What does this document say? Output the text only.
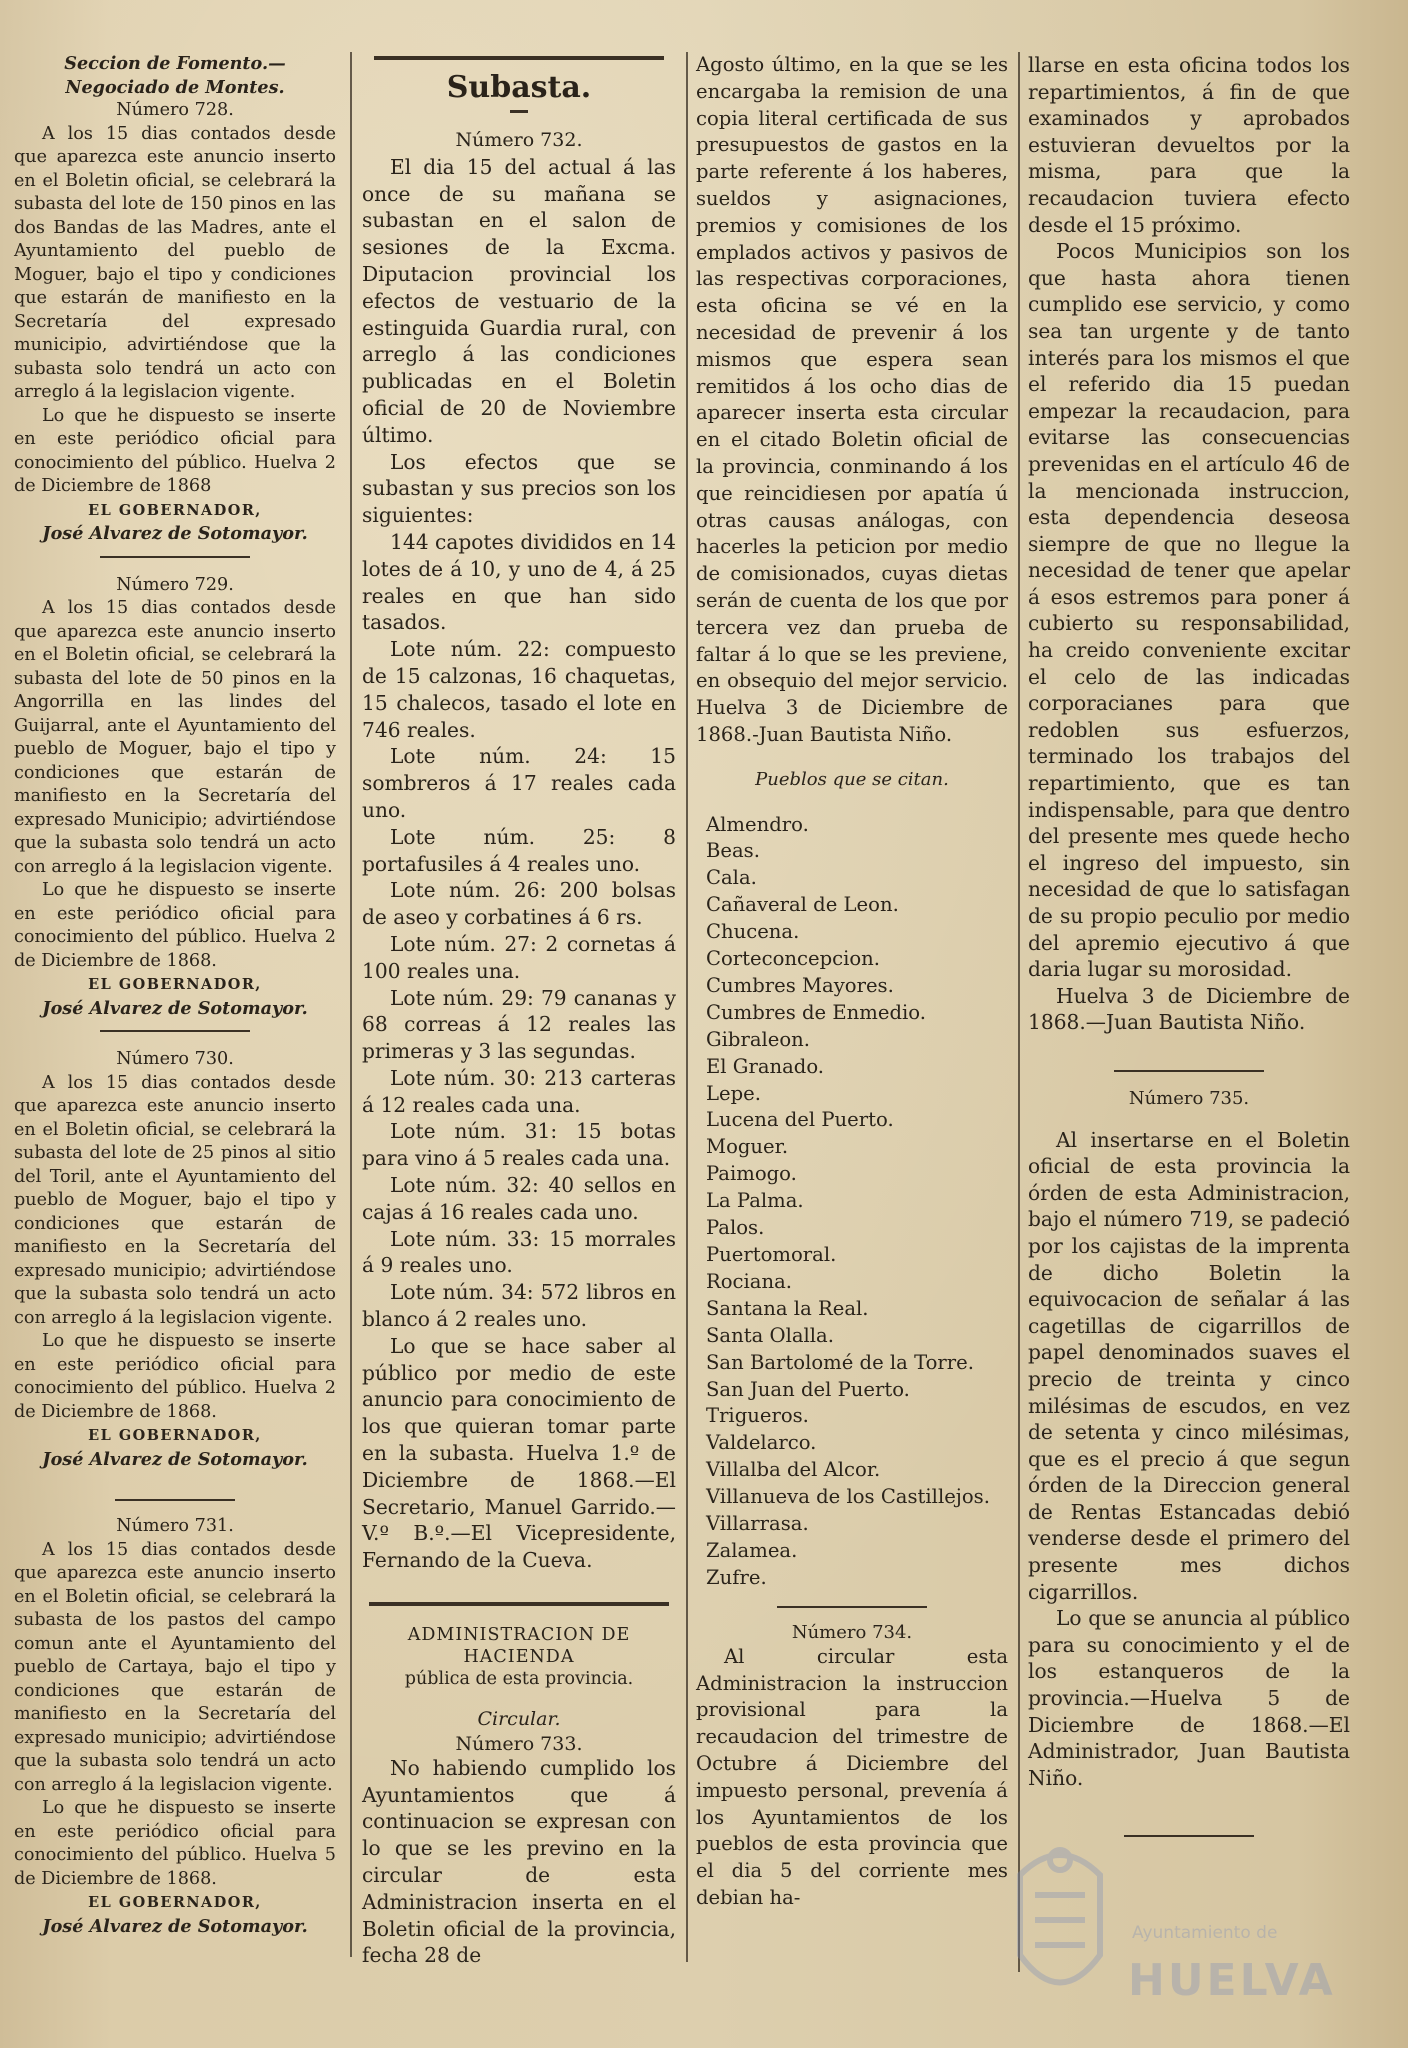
Seccion de Fomento.—Negociado de Montes.

Número 728.

A los 15 dias contados desde que aparezca este anuncio inserto en el Boletin oficial, se celebrará la subasta del lote de 150 pinos en las dos Bandas de las Madres, ante el Ayuntamiento del pueblo de Moguer, bajo el tipo y condiciones que estarán de manifiesto en la Secretaría del expresado municipio, advirtiéndose que la subasta solo tendrá un acto con arreglo á la legislacion vigente.

Lo que he dispuesto se inserte en este periódico oficial para conocimiento del público. Huelva 2 de Diciembre de 1868

EL GOBERNADOR,

José Alvarez de Sotomayor.

Número 729.

A los 15 dias contados desde que aparezca este anuncio inserto en el Boletin oficial, se celebrará la subasta del lote de 50 pinos en la Angorrilla en las lindes del Guijarral, ante el Ayuntamiento del pueblo de Moguer, bajo el tipo y condiciones que estarán de manifiesto en la Secretaría del expresado Municipio; advirtiéndose que la subasta solo tendrá un acto con arreglo á la legislacion vigente.

Lo que he dispuesto se inserte en este periódico oficial para conocimiento del público. Huelva 2 de Diciembre de 1868.

EL GOBERNADOR,

José Alvarez de Sotomayor.

Número 730.

A los 15 dias contados desde que aparezca este anuncio inserto en el Boletin oficial, se celebrará la subasta del lote de 25 pinos al sitio del Toril, ante el Ayuntamiento del pueblo de Moguer, bajo el tipo y condiciones que estarán de manifiesto en la Secretaría del expresado municipio; advirtiéndose que la subasta solo tendrá un acto con arreglo á la legislacion vigente.

Lo que he dispuesto se inserte en este periódico oficial para conocimiento del público. Huelva 2 de Diciembre de 1868.

EL GOBERNADOR,

José Alvarez de Sotomayor.

Número 731.

A los 15 dias contados desde que aparezca este anuncio inserto en el Boletin oficial, se celebrará la subasta de los pastos del campo comun ante el Ayuntamiento del pueblo de Cartaya, bajo el tipo y condiciones que estarán de manifiesto en la Secretaría del expresado municipio; advirtiéndose que la subasta solo tendrá un acto con arreglo á la legislacion vigente.

Lo que he dispuesto se inserte en este periódico oficial para conocimiento del público. Huelva 5 de Diciembre de 1868.

EL GOBERNADOR,

José Alvarez de Sotomayor.

Subasta.

Número 732.

El dia 15 del actual á las once de su mañana se subastan en el salon de sesiones de la Excma. Diputacion provincial los efectos de vestuario de la estinguida Guardia rural, con arreglo á las condiciones publicadas en el Boletin oficial de 20 de Noviembre último.

Los efectos que se subastan y sus precios son los siguientes:

144 capotes divididos en 14 lotes de á 10, y uno de 4, á 25 reales en que han sido tasados.

Lote núm. 22: compuesto de 15 calzonas, 16 chaquetas, 15 chalecos, tasado el lote en 746 reales.

Lote núm. 24: 15 sombreros á 17 reales cada uno.

Lote núm. 25: 8 portafusiles á 4 reales uno.

Lote núm. 26: 200 bolsas de aseo y corbatines á 6 rs.

Lote núm. 27: 2 cornetas á 100 reales una.

Lote núm. 29: 79 cananas y 68 correas á 12 reales las primeras y 3 las segundas.

Lote núm. 30: 213 carteras á 12 reales cada una.

Lote núm. 31: 15 botas para vino á 5 reales cada una.

Lote núm. 32: 40 sellos en cajas á 16 reales cada uno.

Lote núm. 33: 15 morrales á 9 reales uno.

Lote núm. 34: 572 libros en blanco á 2 reales uno.

Lo que se hace saber al público por medio de este anuncio para conocimiento de los que quieran tomar parte en la subasta. Huelva 1.º de Diciembre de 1868.—El Secretario, Manuel Garrido.—V.º B.º.—El Vicepresidente, Fernando de la Cueva.

ADMINISTRACION DE HACIENDA

pública de esta provincia.

Circular.

Número 733.

No habiendo cumplido los Ayuntamientos que á continuacion se expresan con lo que se les previno en la circular de esta Administracion inserta en el Boletin oficial de la provincia, fecha 28 de

Agosto último, en la que se les encargaba la remision de una copia literal certificada de sus presupuestos de gastos en la parte referente á los haberes, sueldos y asignaciones, premios y comisiones de los emplados activos y pasivos de las respectivas corporaciones, esta oficina se vé en la necesidad de prevenir á los mismos que espera sean remitidos á los ocho dias de aparecer inserta esta circular en el citado Boletin oficial de la provincia, conminando á los que reincidiesen por apatía ú otras causas análogas, con hacerles la peticion por medio de comisionados, cuyas dietas serán de cuenta de los que por tercera vez dan prueba de faltar á lo que se les previene, en obsequio del mejor servicio. Huelva 3 de Diciembre de 1868.-Juan Bautista Niño.

Pueblos que se citan.

Almendro.

Beas.

Cala.

Cañaveral de Leon.

Chucena.

Corteconcepcion.

Cumbres Mayores.

Cumbres de Enmedio.

Gibraleon.

El Granado.

Lepe.

Lucena del Puerto.

Moguer.

Paimogo.

La Palma.

Palos.

Puertomoral.

Rociana.

Santana la Real.

Santa Olalla.

San Bartolomé de la Torre.

San Juan del Puerto.

Trigueros.

Valdelarco.

Villalba del Alcor.

Villanueva de los Castillejos.

Villarrasa.

Zalamea.

Zufre.

Número 734.

Al circular esta Administracion la instruccion provisional para la recaudacion del trimestre de Octubre á Diciembre del impuesto personal, prevenía á los Ayuntamientos de los pueblos de esta provincia que el dia 5 del corriente mes debian ha-

llarse en esta oficina todos los repartimientos, á fin de que examinados y aprobados estuvieran devueltos por la misma, para que la recaudacion tuviera efecto desde el 15 próximo.

Pocos Municipios son los que hasta ahora tienen cumplido ese servicio, y como sea tan urgente y de tanto interés para los mismos el que el referido dia 15 puedan empezar la recaudacion, para evitarse las consecuencias prevenidas en el artículo 46 de la mencionada instruccion, esta dependencia deseosa siempre de que no llegue la necesidad de tener que apelar á esos estremos para poner á cubierto su responsabilidad, ha creido conveniente excitar el celo de las indicadas corporacianes para que redoblen sus esfuerzos, terminado los trabajos del repartimiento, que es tan indispensable, para que dentro del presente mes quede hecho el ingreso del impuesto, sin necesidad de que lo satisfagan de su propio peculio por medio del apremio ejecutivo á que daria lugar su morosidad.

Huelva 3 de Diciembre de 1868.—Juan Bautista Niño.

Número 735.

Al insertarse en el Boletin oficial de esta provincia la órden de esta Administracion, bajo el número 719, se padeció por los cajistas de la imprenta de dicho Boletin la equivocacion de señalar á las cagetillas de cigarrillos de papel denominados suaves el precio de treinta y cinco milésimas de escudos, en vez de setenta y cinco milésimas, que es el precio á que segun órden de la Direccion general de Rentas Estancadas debió venderse desde el primero del presente mes dichos cigarrillos.

Lo que se anuncia al público para su conocimiento y el de los estanqueros de la provincia.—Huelva 5 de Diciembre de 1868.—El Administrador, Juan Bautista Niño.

Ayuntamiento de
HUELVA
